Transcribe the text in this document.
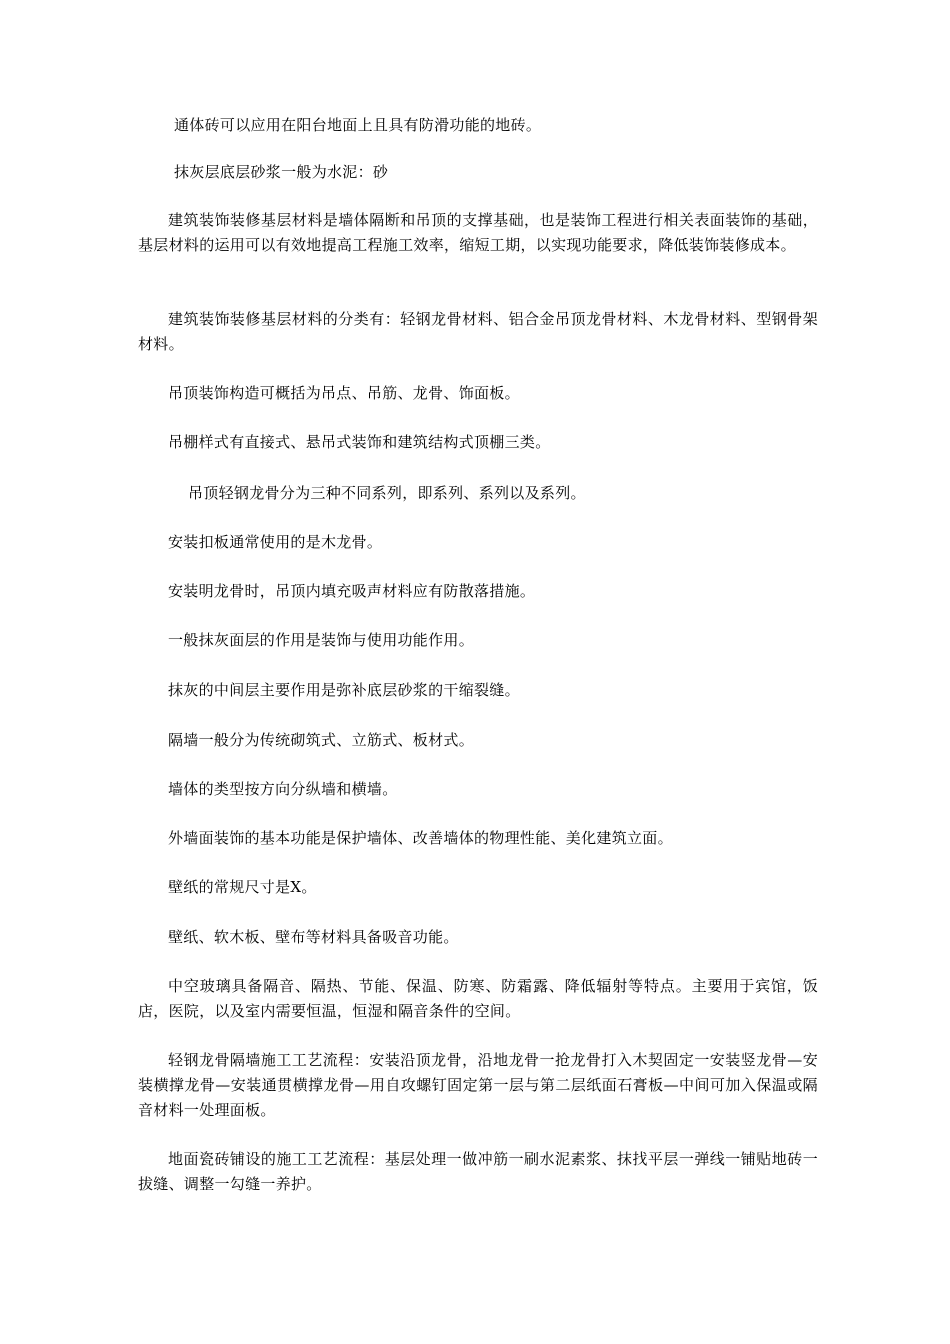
通体砖可以应用在阳台地面上且具有防滑功能的地砖。

抹灰层底层砂浆一般为水泥：砂

建筑装饰装修基层材料是墙体隔断和吊顶的支撑基础，也是装饰工程进行相关表面装饰的基础，基层材料的运用可以有效地提高工程施工效率，缩短工期，以实现功能要求，降低装饰装修成本。

建筑装饰装修基层材料的分类有：轻钢龙骨材料、铝合金吊顶龙骨材料、木龙骨材料、型钢骨架材料。

吊顶装饰构造可概括为吊点、吊筋、龙骨、饰面板。

吊棚样式有直接式、悬吊式装饰和建筑结构式顶棚三类。

吊顶轻钢龙骨分为三种不同系列，即系列、系列以及系列。

安装扣板通常使用的是木龙骨。

安装明龙骨时，吊顶内填充吸声材料应有防散落措施。

一般抹灰面层的作用是装饰与使用功能作用。

抹灰的中间层主要作用是弥补底层砂浆的干缩裂缝。

隔墙一般分为传统砌筑式、立筋式、板材式。

墙体的类型按方向分纵墙和横墙。

外墙面装饰的基本功能是保护墙体、改善墙体的物理性能、美化建筑立面。

壁纸的常规尺寸是X。

壁纸、软木板、壁布等材料具备吸音功能。

中空玻璃具备隔音、隔热、节能、保温、防寒、防霜露、降低辐射等特点。主要用于宾馆，饭店，医院，以及室内需要恒温，恒湿和隔音条件的空间。

轻钢龙骨隔墙施工工艺流程：安装沿顶龙骨，沿地龙骨一抢龙骨打入木契固定一安装竖龙骨—安装横撑龙骨—安装通贯横撑龙骨—用自攻螺钉固定第一层与第二层纸面石膏板—中间可加入保温或隔音材料一处理面板。

地面瓷砖铺设的施工工艺流程：基层处理一做冲筋一刷水泥素浆、抹找平层一弹线一铺贴地砖一拔缝、调整一勾缝一养护。
